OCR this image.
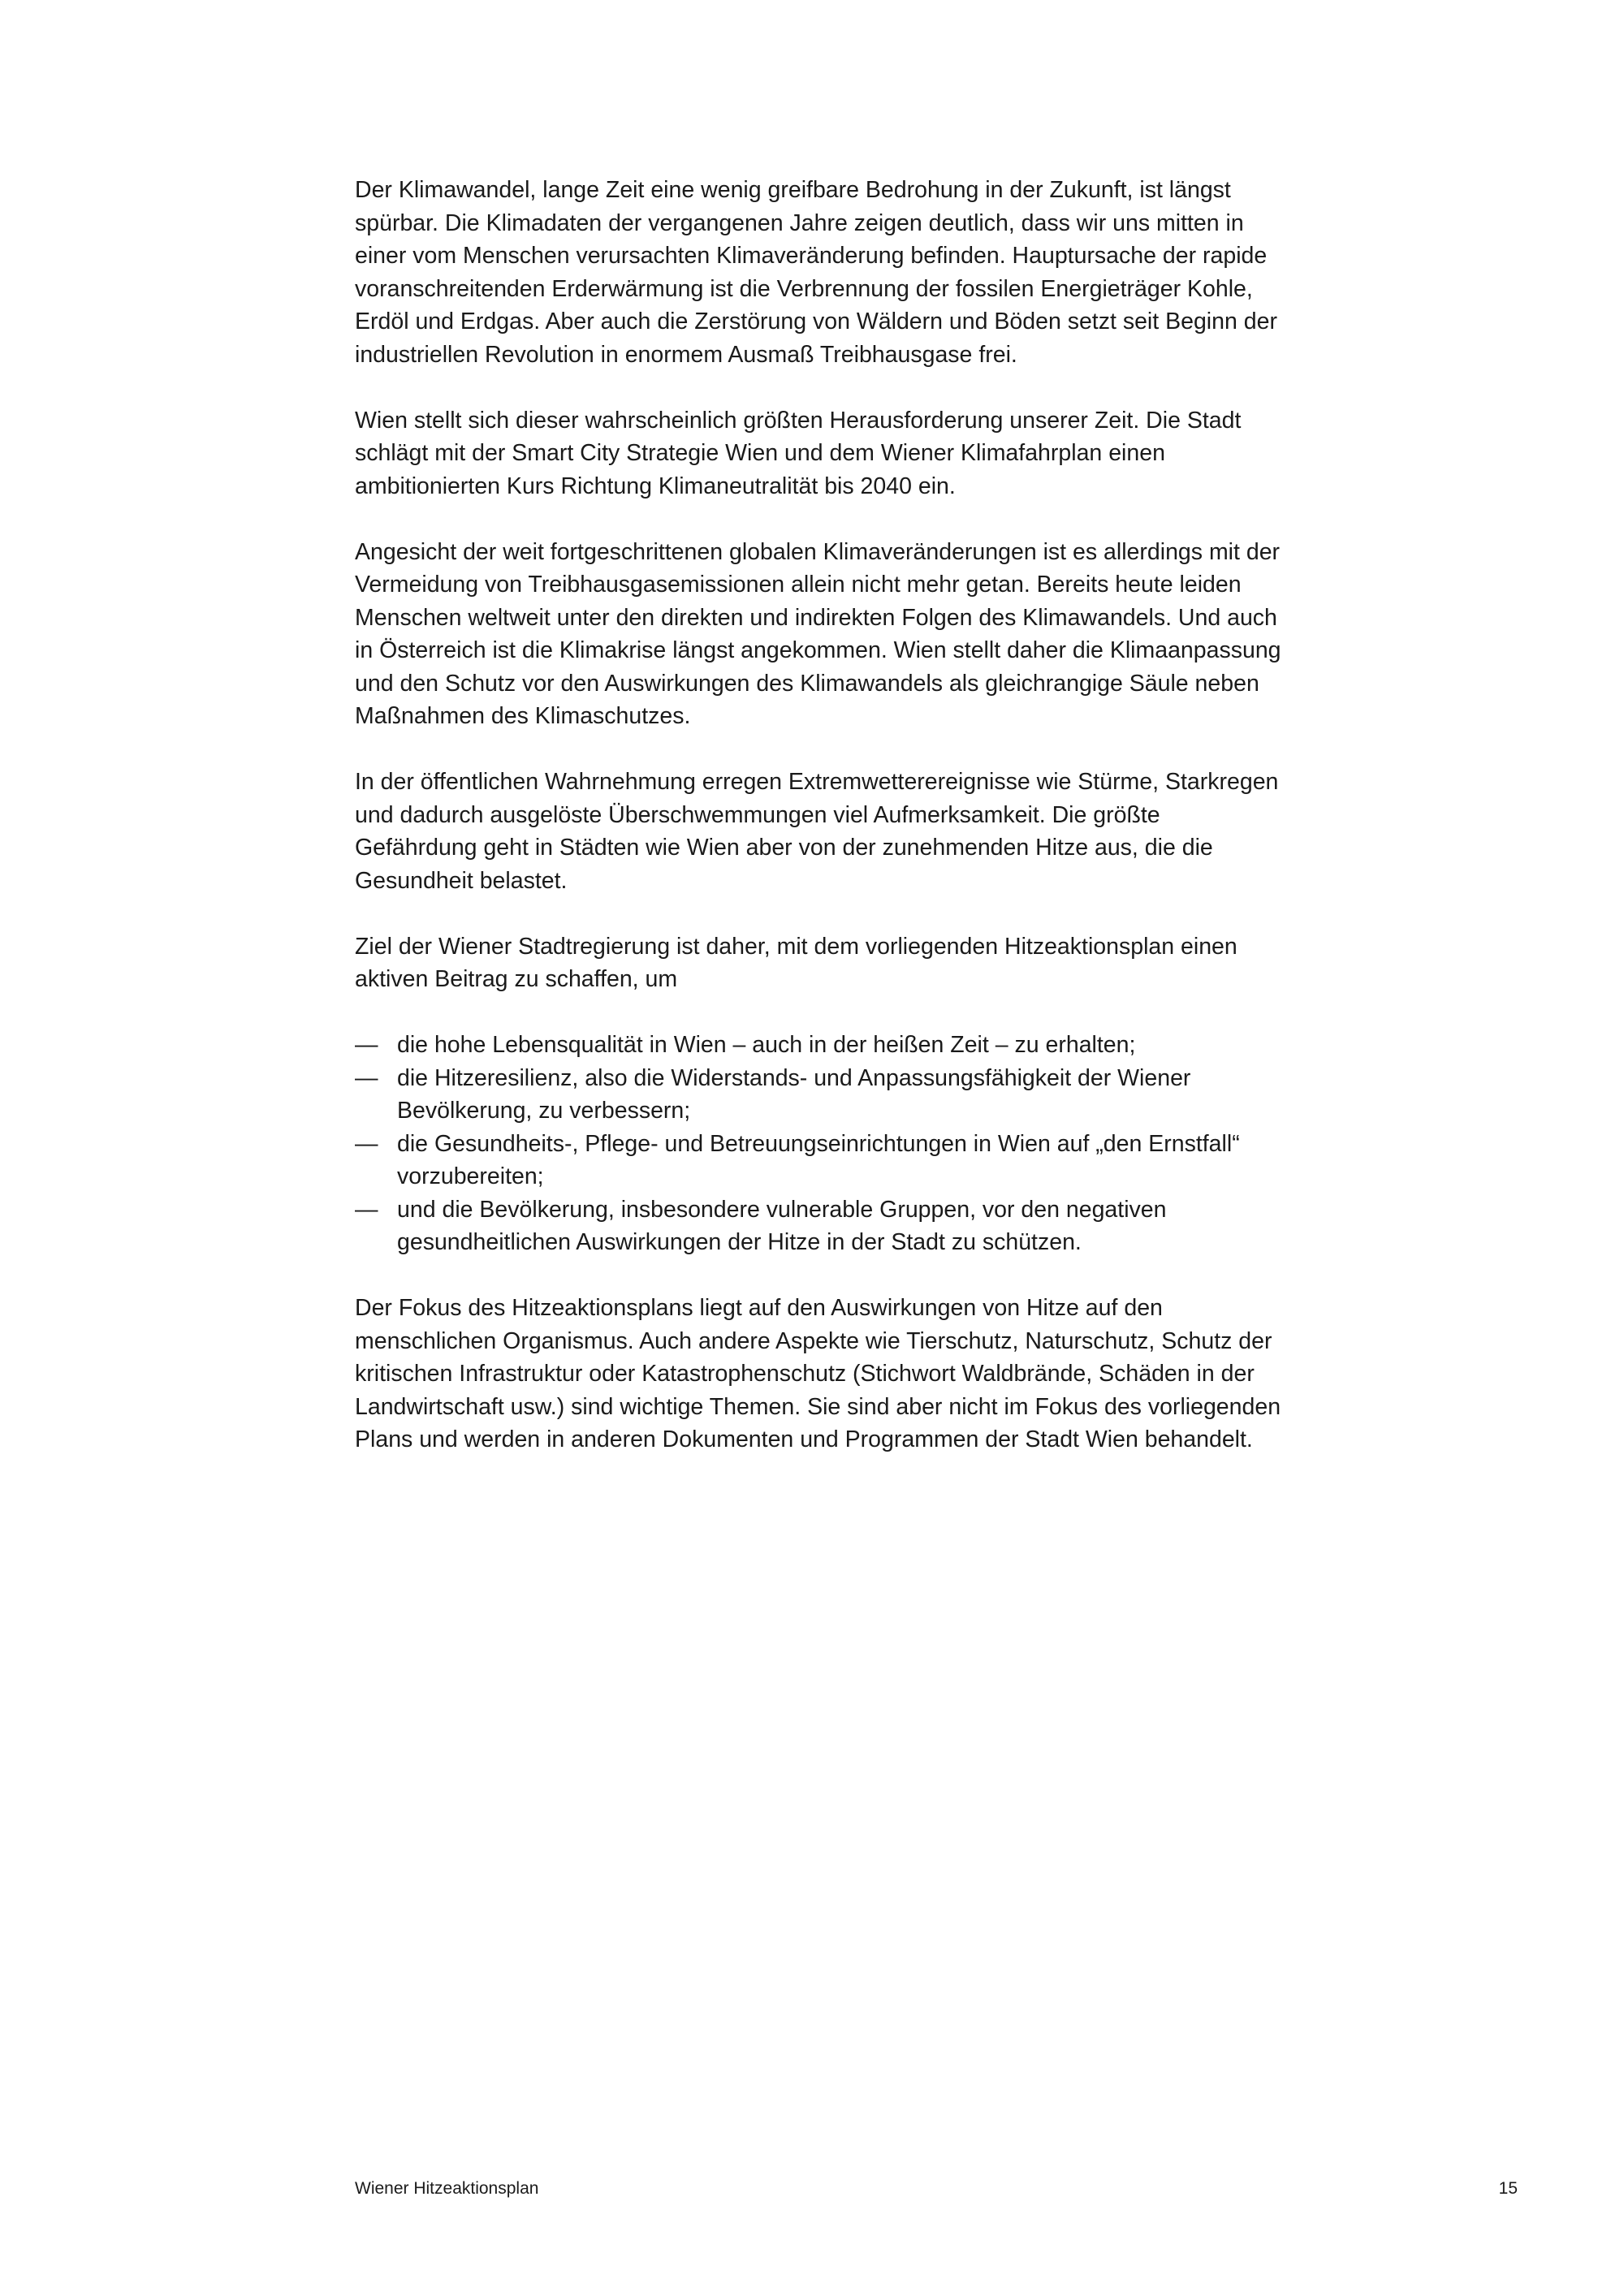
Der Klimawandel, lange Zeit eine wenig greifbare Bedrohung in der Zukunft, ist längst spürbar. Die Klimadaten der vergangenen Jahre zeigen deutlich, dass wir uns mitten in einer vom Menschen verursachten Klimaveränderung befinden. Hauptursache der rapide voranschreitenden Erderwärmung ist die Verbrennung der fossilen Energieträger Kohle, Erdöl und Erdgas. Aber auch die Zerstörung von Wäldern und Böden setzt seit Beginn der industriellen Revolution in enormem Ausmaß Treibhausgase frei.

Wien stellt sich dieser wahrscheinlich größten Herausforderung unserer Zeit. Die Stadt schlägt mit der Smart City Strategie Wien und dem Wiener Klimafahrplan einen ambitionierten Kurs Richtung Klimaneutralität bis 2040 ein.

Angesicht der weit fortgeschrittenen globalen Klimaveränderungen ist es allerdings mit der Vermeidung von Treibhausgasemissionen allein nicht mehr getan. Bereits heute leiden Menschen weltweit unter den direkten und indirekten Folgen des Klimawandels. Und auch in Österreich ist die Klimakrise längst angekommen. Wien stellt daher die Klimaanpassung und den Schutz vor den Auswirkungen des Klimawandels als gleichrangige Säule neben Maßnahmen des Klimaschutzes.

In der öffentlichen Wahrnehmung erregen Extremwetterereignisse wie Stürme, Starkregen und dadurch ausgelöste Überschwemmungen viel Aufmerksamkeit. Die größte Gefährdung geht in Städten wie Wien aber von der zunehmenden Hitze aus, die die Gesundheit belastet.

Ziel der Wiener Stadtregierung ist daher, mit dem vorliegenden Hitzeaktionsplan einen aktiven Beitrag zu schaffen, um

— die hohe Lebensqualität in Wien – auch in der heißen Zeit – zu erhalten;
— die Hitzeresilienz, also die Widerstands- und Anpassungsfähigkeit der Wiener Bevölkerung, zu verbessern;
— die Gesundheits-, Pflege- und Betreuungseinrichtungen in Wien auf „den Ernstfall“ vorzubereiten;
— und die Bevölkerung, insbesondere vulnerable Gruppen, vor den negativen gesundheitlichen Auswirkungen der Hitze in der Stadt zu schützen.

Der Fokus des Hitzeaktionsplans liegt auf den Auswirkungen von Hitze auf den menschlichen Organismus. Auch andere Aspekte wie Tierschutz, Naturschutz, Schutz der kritischen Infrastruktur oder Katastrophenschutz (Stichwort Waldbrände, Schäden in der Landwirtschaft usw.) sind wichtige Themen. Sie sind aber nicht im Fokus des vorliegenden Plans und werden in anderen Dokumenten und Programmen der Stadt Wien behandelt.

Wiener Hitzeaktionsplan	15
